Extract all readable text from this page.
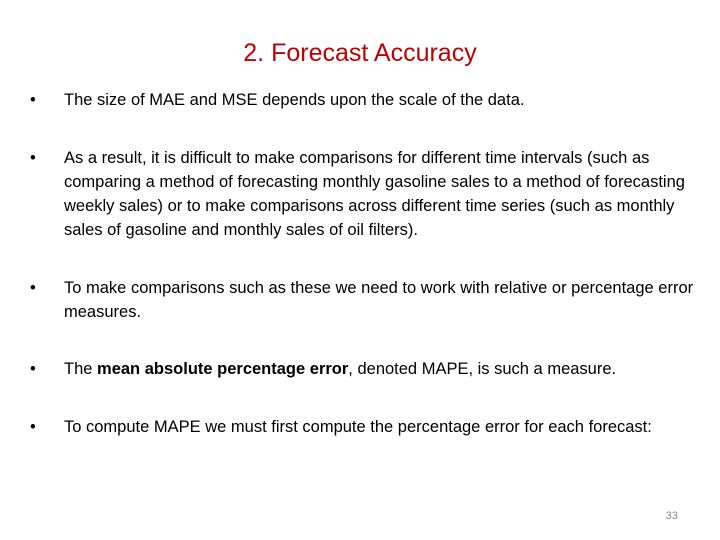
2. Forecast Accuracy
•	The size of MAE and MSE depends upon the scale of the data.
•	As a result, it is difficult to make comparisons for different time intervals (such as comparing a method of forecasting monthly gasoline sales to a method of forecasting weekly sales) or to make comparisons across different time series (such as monthly sales of gasoline and monthly sales of oil filters).
•	To make comparisons such as these we need to work with relative or percentage error measures.
•	The mean absolute percentage error, denoted MAPE, is such a measure.
•	To compute MAPE we must first compute the percentage error for each forecast:
33
